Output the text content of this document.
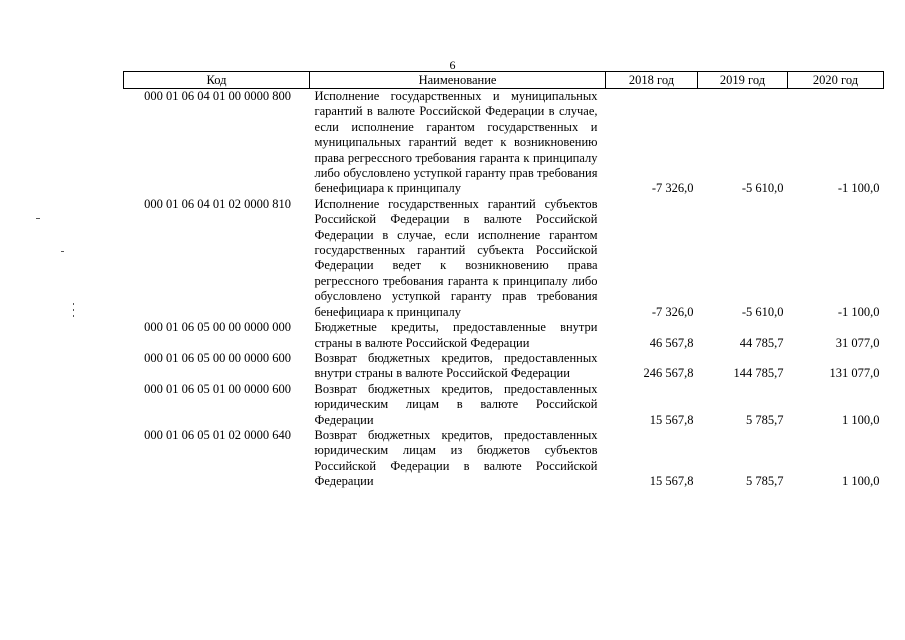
6
Код	Наименование	2018 год	2019 год	2020 год
000 01 06 04 01 00 0000 800	Исполнение государственных и муниципальных гарантий в валюте Российской Федерации в случае, если исполнение гарантом государственных и муниципальных гарантий ведет к возникновению права регрессного требования гаранта к принципалу либо обусловлено уступкой гаранту прав требования бенефициара к принципалу	-7 326,0	-5 610,0	-1 100,0
000 01 06 04 01 02 0000 810	Исполнение государственных гарантий субъектов Российской Федерации в валюте Российской Федерации в случае, если исполнение гарантом государственных гарантий субъекта Российской Федерации ведет к возникновению права регрессного требования гаранта к принципалу либо обусловлено уступкой гаранту прав требования бенефициара к принципалу	-7 326,0	-5 610,0	-1 100,0
000 01 06 05 00 00 0000 000	Бюджетные кредиты, предоставленные внутри страны в валюте Российской Федерации	46 567,8	44 785,7	31 077,0
000 01 06 05 00 00 0000 600	Возврат бюджетных кредитов, предоставленных внутри страны в валюте Российской Федерации	246 567,8	144 785,7	131 077,0
000 01 06 05 01 00 0000 600	Возврат бюджетных кредитов, предоставленных юридическим лицам в валюте Российской Федерации	15 567,8	5 785,7	1 100,0
000 01 06 05 01 02 0000 640	Возврат бюджетных кредитов, предоставленных юридическим лицам из бюджетов субъектов Российской Федерации в валюте Российской Федерации	15 567,8	5 785,7	1 100,0
